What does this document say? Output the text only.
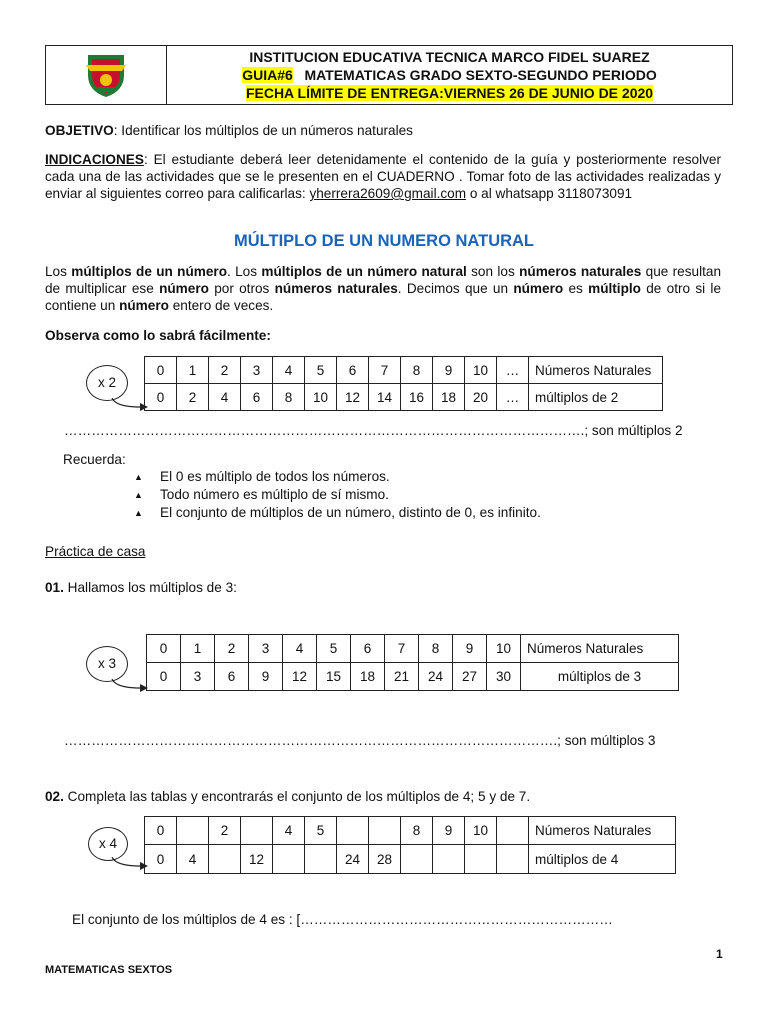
INSTITUCION EDUCATIVA TECNICA MARCO FIDEL SUAREZ
GUIA#6 MATEMATICAS GRADO SEXTO-SEGUNDO PERIODO
FECHA LÍMITE DE ENTREGA:VIERNES 26 DE JUNIO DE 2020
OBJETIVO: Identificar los múltiplos de un números naturales
INDICACIONES: El estudiante deberá leer detenidamente el contenido de la guía y posteriormente resolver cada una de las actividades que se le presenten en el CUADERNO . Tomar foto de las actividades realizadas y enviar al siguientes correo para calificarlas: yherrera2609@gmail.com o al whatsapp 3118073091
MÚLTIPLO DE UN NUMERO NATURAL
Los múltiplos de un número. Los múltiplos de un número natural son los números naturales que resultan de multiplicar ese número por otros números naturales. Decimos que un número es múltiplo de otro si le contiene un número entero de veces.
Observa como lo sabrá fácilmente:
x 2
0	1	2	3	4	5	6	7	8	9	10	…	Números Naturales
0	2	4	6	8	10	12	14	16	18	20	…	múltiplos de 2
…………………………………………………………………………………………………….; son múltiplos 2
Recuerda:
▲ El 0 es múltiplo de todos los números.
▲ Todo número es múltiplo de sí mismo.
▲ El conjunto de múltiplos de un número, distinto de 0, es infinito.
Práctica de casa
01. Hallamos los múltiplos de 3:
x 3
0	1	2	3	4	5	6	7	8	9	10	Números Naturales
0	3	6	9	12	15	18	21	24	27	30	múltiplos de 3
……………………………………………………………………………………………….; son múltiplos 3
02. Completa las tablas y encontrarás el conjunto de los múltiplos de 4; 5 y de 7.
x 4
0		2		4	5			8	9	10		Números Naturales
0	4		12			24	28					múltiplos de 4
El conjunto de los múltiplos de 4 es : [……………………………………………………………
1
MATEMATICAS SEXTOS
